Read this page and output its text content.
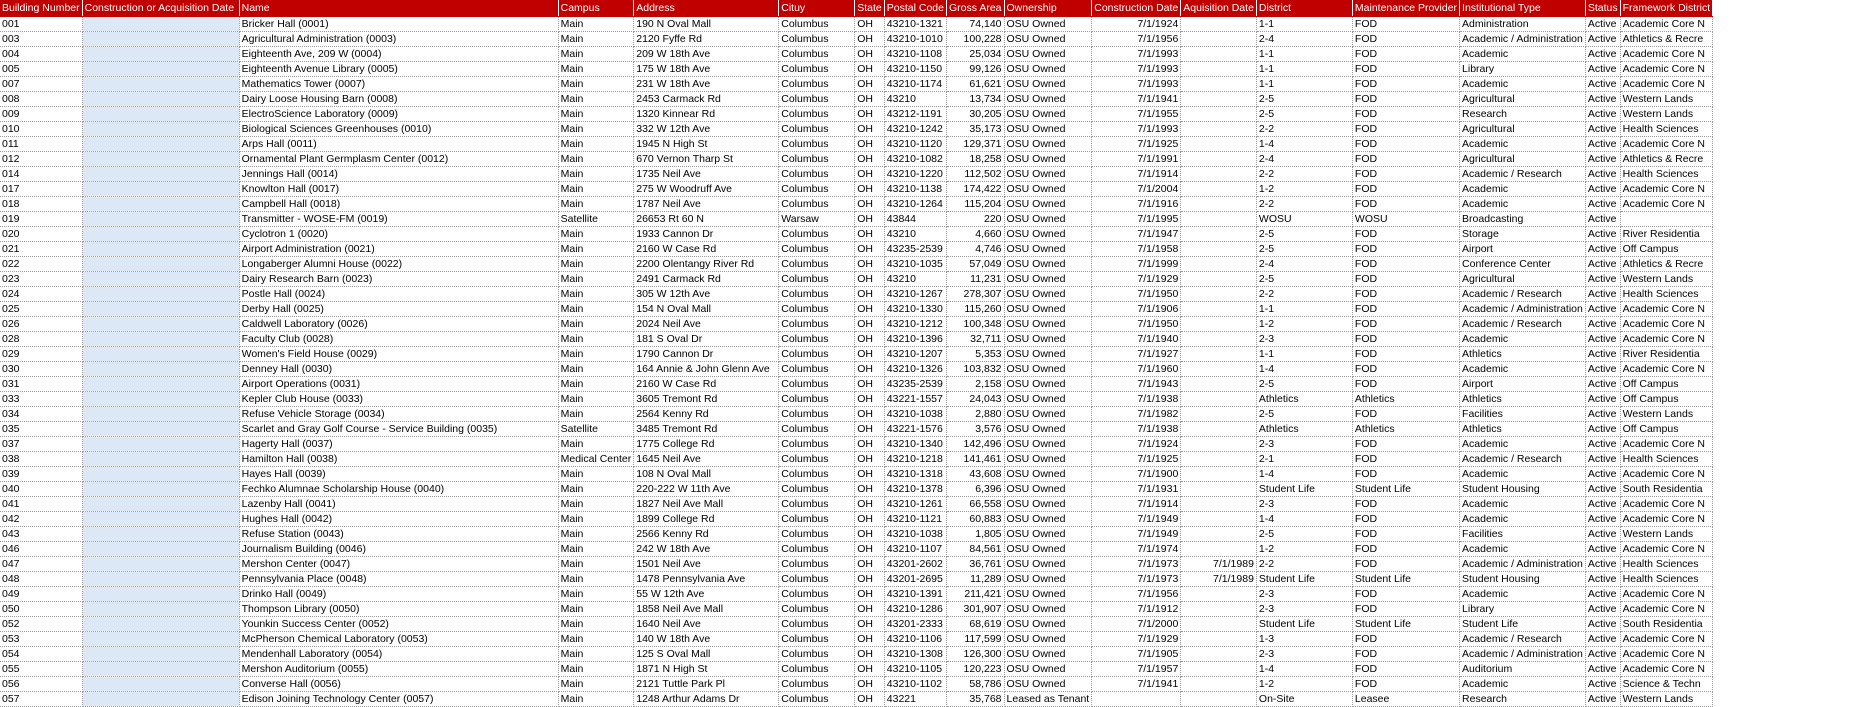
Building Number	Construction or Acquisition Date	Name	Campus	Address	Cituy	State	Postal Code	Gross Area	Ownership	Construction Date	Aquisition Date	District	Maintenance Provider	Institutional Type	Status	Framework District
001		Bricker Hall (0001)	Main	190 N Oval Mall	Columbus	OH	43210-1321	74,140	OSU Owned	7/1/1924		1-1	FOD	Administration	Active	Academic Core N
003		Agricultural Administration (0003)	Main	2120 Fyffe Rd	Columbus	OH	43210-1010	100,228	OSU Owned	7/1/1956		2-4	FOD	Academic / Administration	Active	Athletics & Recre
004		Eighteenth Ave, 209 W (0004)	Main	209 W 18th Ave	Columbus	OH	43210-1108	25,034	OSU Owned	7/1/1993		1-1	FOD	Academic	Active	Academic Core N
005		Eighteenth Avenue Library (0005)	Main	175 W 18th Ave	Columbus	OH	43210-1150	99,126	OSU Owned	7/1/1993		1-1	FOD	Library	Active	Academic Core N
007		Mathematics Tower (0007)	Main	231 W 18th Ave	Columbus	OH	43210-1174	61,621	OSU Owned	7/1/1993		1-1	FOD	Academic	Active	Academic Core N
008		Dairy Loose Housing Barn (0008)	Main	2453 Carmack Rd	Columbus	OH	43210	13,734	OSU Owned	7/1/1941		2-5	FOD	Agricultural	Active	Western Lands
009		ElectroScience Laboratory (0009)	Main	1320 Kinnear Rd	Columbus	OH	43212-1191	30,205	OSU Owned	7/1/1955		2-5	FOD	Research	Active	Western Lands
010		Biological Sciences Greenhouses (0010)	Main	332 W 12th Ave	Columbus	OH	43210-1242	35,173	OSU Owned	7/1/1993		2-2	FOD	Agricultural	Active	Health Sciences
011		Arps Hall (0011)	Main	1945 N High St	Columbus	OH	43210-1120	129,371	OSU Owned	7/1/1925		1-4	FOD	Academic	Active	Academic Core N
012		Ornamental Plant Germplasm Center (0012)	Main	670 Vernon Tharp St	Columbus	OH	43210-1082	18,258	OSU Owned	7/1/1991		2-4	FOD	Agricultural	Active	Athletics & Recre
014		Jennings Hall (0014)	Main	1735 Neil Ave	Columbus	OH	43210-1220	112,502	OSU Owned	7/1/1914		2-2	FOD	Academic / Research	Active	Health Sciences
017		Knowlton Hall (0017)	Main	275 W Woodruff Ave	Columbus	OH	43210-1138	174,422	OSU Owned	7/1/2004		1-2	FOD	Academic	Active	Academic Core N
018		Campbell Hall (0018)	Main	1787 Neil Ave	Columbus	OH	43210-1264	115,204	OSU Owned	7/1/1916		2-2	FOD	Academic	Active	Academic Core N
019		Transmitter - WOSE-FM (0019)	Satellite	26653 Rt 60 N	Warsaw	OH	43844	220	OSU Owned	7/1/1995		WOSU	WOSU	Broadcasting	Active	
020		Cyclotron 1 (0020)	Main	1933 Cannon Dr	Columbus	OH	43210	4,660	OSU Owned	7/1/1947		2-5	FOD	Storage	Active	River Residentia
021		Airport Administration (0021)	Main	2160 W Case Rd	Columbus	OH	43235-2539	4,746	OSU Owned	7/1/1958		2-5	FOD	Airport	Active	Off Campus
022		Longaberger Alumni House (0022)	Main	2200 Olentangy River Rd	Columbus	OH	43210-1035	57,049	OSU Owned	7/1/1999		2-4	FOD	Conference Center	Active	Athletics & Recre
023		Dairy Research Barn (0023)	Main	2491 Carmack Rd	Columbus	OH	43210	11,231	OSU Owned	7/1/1929		2-5	FOD	Agricultural	Active	Western Lands
024		Postle Hall (0024)	Main	305 W 12th Ave	Columbus	OH	43210-1267	278,307	OSU Owned	7/1/1950		2-2	FOD	Academic / Research	Active	Health Sciences
025		Derby Hall (0025)	Main	154 N Oval Mall	Columbus	OH	43210-1330	115,260	OSU Owned	7/1/1906		1-1	FOD	Academic / Administration	Active	Academic Core N
026		Caldwell Laboratory (0026)	Main	2024 Neil Ave	Columbus	OH	43210-1212	100,348	OSU Owned	7/1/1950		1-2	FOD	Academic / Research	Active	Academic Core N
028		Faculty Club (0028)	Main	181 S Oval Dr	Columbus	OH	43210-1396	32,711	OSU Owned	7/1/1940		2-3	FOD	Academic	Active	Academic Core N
029		Women's Field House (0029)	Main	1790 Cannon Dr	Columbus	OH	43210-1207	5,353	OSU Owned	7/1/1927		1-1	FOD	Athletics	Active	River Residentia
030		Denney Hall (0030)	Main	164 Annie & John Glenn Ave	Columbus	OH	43210-1326	103,832	OSU Owned	7/1/1960		1-4	FOD	Academic	Active	Academic Core N
031		Airport Operations (0031)	Main	2160 W Case Rd	Columbus	OH	43235-2539	2,158	OSU Owned	7/1/1943		2-5	FOD	Airport	Active	Off Campus
033		Kepler Club House (0033)	Main	3605 Tremont Rd	Columbus	OH	43221-1557	24,043	OSU Owned	7/1/1938		Athletics	Athletics	Athletics	Active	Off Campus
034		Refuse Vehicle Storage (0034)	Main	2564 Kenny Rd	Columbus	OH	43210-1038	2,880	OSU Owned	7/1/1982		2-5	FOD	Facilities	Active	Western Lands
035		Scarlet and Gray Golf Course - Service Building (0035)	Satellite	3485 Tremont Rd	Columbus	OH	43221-1576	3,576	OSU Owned	7/1/1938		Athletics	Athletics	Athletics	Active	Off Campus
037		Hagerty Hall (0037)	Main	1775 College Rd	Columbus	OH	43210-1340	142,496	OSU Owned	7/1/1924		2-3	FOD	Academic	Active	Academic Core N
038		Hamilton Hall (0038)	Medical Center	1645 Neil Ave	Columbus	OH	43210-1218	141,461	OSU Owned	7/1/1925		2-1	FOD	Academic / Research	Active	Health Sciences
039		Hayes Hall (0039)	Main	108 N Oval Mall	Columbus	OH	43210-1318	43,608	OSU Owned	7/1/1900		1-4	FOD	Academic	Active	Academic Core N
040		Fechko Alumnae Scholarship House (0040)	Main	220-222 W 11th Ave	Columbus	OH	43210-1378	6,396	OSU Owned	7/1/1931		Student Life	Student Life	Student Housing	Active	South Residentia
041		Lazenby Hall (0041)	Main	1827 Neil Ave Mall	Columbus	OH	43210-1261	66,558	OSU Owned	7/1/1914		2-3	FOD	Academic	Active	Academic Core N
042		Hughes Hall (0042)	Main	1899 College Rd	Columbus	OH	43210-1121	60,883	OSU Owned	7/1/1949		1-4	FOD	Academic	Active	Academic Core N
043		Refuse Station (0043)	Main	2566 Kenny Rd	Columbus	OH	43210-1038	1,805	OSU Owned	7/1/1949		2-5	FOD	Facilities	Active	Western Lands
046		Journalism Building (0046)	Main	242 W 18th Ave	Columbus	OH	43210-1107	84,561	OSU Owned	7/1/1974		1-2	FOD	Academic	Active	Academic Core N
047		Mershon Center (0047)	Main	1501 Neil Ave	Columbus	OH	43201-2602	36,761	OSU Owned	7/1/1973	7/1/1989	2-2	FOD	Academic / Administration	Active	Health Sciences
048		Pennsylvania Place (0048)	Main	1478 Pennsylvania Ave	Columbus	OH	43201-2695	11,289	OSU Owned	7/1/1973	7/1/1989	Student Life	Student Life	Student Housing	Active	Health Sciences
049		Drinko Hall (0049)	Main	55 W 12th Ave	Columbus	OH	43210-1391	211,421	OSU Owned	7/1/1956		2-3	FOD	Academic	Active	Academic Core N
050		Thompson Library (0050)	Main	1858 Neil Ave Mall	Columbus	OH	43210-1286	301,907	OSU Owned	7/1/1912		2-3	FOD	Library	Active	Academic Core N
052		Younkin Success Center (0052)	Main	1640 Neil Ave	Columbus	OH	43201-2333	68,619	OSU Owned	7/1/2000		Student Life	Student Life	Student Life	Active	South Residentia
053		McPherson Chemical Laboratory (0053)	Main	140 W 18th Ave	Columbus	OH	43210-1106	117,599	OSU Owned	7/1/1929		1-3	FOD	Academic / Research	Active	Academic Core N
054		Mendenhall Laboratory (0054)	Main	125 S Oval Mall	Columbus	OH	43210-1308	126,300	OSU Owned	7/1/1905		2-3	FOD	Academic / Administration	Active	Academic Core N
055		Mershon Auditorium (0055)	Main	1871 N High St	Columbus	OH	43210-1105	120,223	OSU Owned	7/1/1957		1-4	FOD	Auditorium	Active	Academic Core N
056		Converse Hall (0056)	Main	2121 Tuttle Park Pl	Columbus	OH	43210-1102	58,786	OSU Owned	7/1/1941		1-2	FOD	Academic	Active	Science & Techn
057		Edison Joining Technology Center (0057)	Main	1248 Arthur Adams Dr	Columbus	OH	43221	35,768	Leased as Tenant			On-Site	Leasee	Research	Active	Western Lands
